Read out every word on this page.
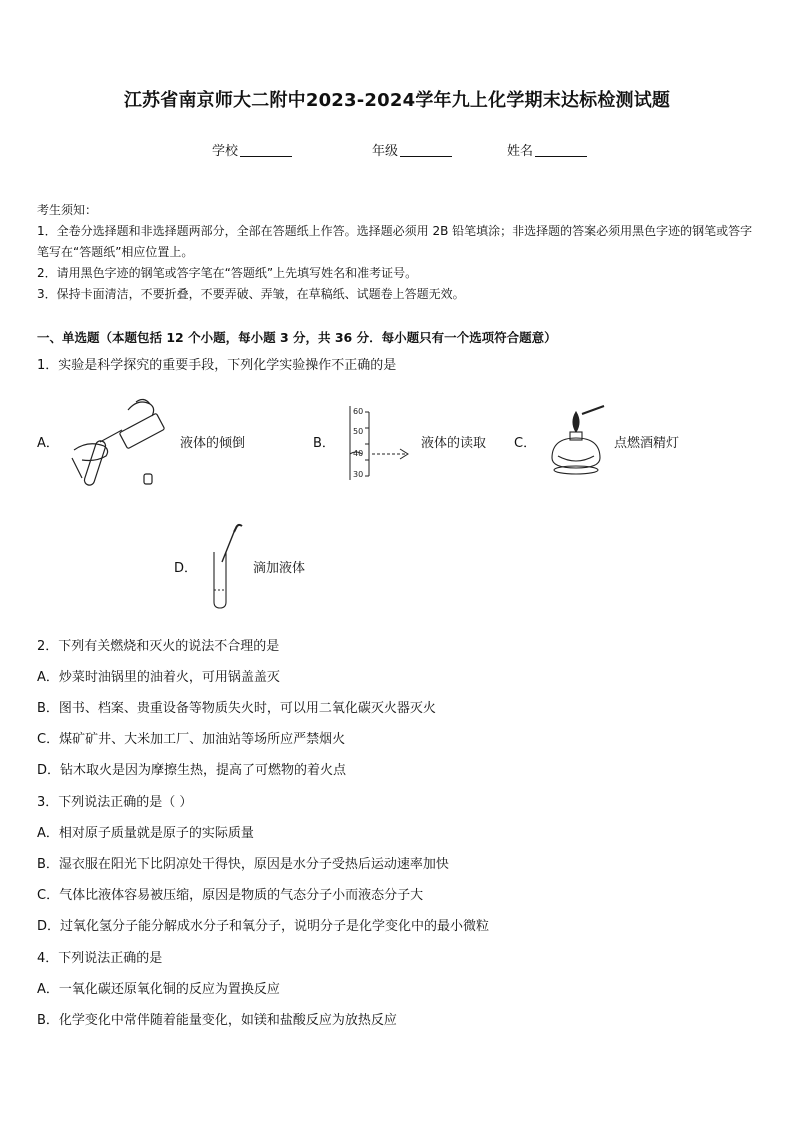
江苏省南京师大二附中2023-2024学年九上化学期末达标检测试题
学校	年级	姓名
考生须知：
1．全卷分选择题和非选择题两部分，全部在答题纸上作答。选择题必须用 2B 铅笔填涂；非选择题的答案必须用黑色字迹的钢笔或答字笔写在“答题纸”相应位置上。
2．请用黑色字迹的钢笔或答字笔在“答题纸”上先填写姓名和准考证号。
3．保持卡面清洁，不要折叠，不要弄破、弄皱，在草稿纸、试题卷上答题无效。
一、单选题（本题包括 12 个小题，每小题 3 分，共 36 分．每小题只有一个选项符合题意）
1．实验是科学探究的重要手段，下列化学实验操作不正确的是
A．	液体的倾倒	B．
60
50
40
30
液体的读取 C．	点燃酒精灯
D．	滴加液体
2．下列有关燃烧和灭火的说法不合理的是
A．炒菜时油锅里的油着火，可用锅盖盖灭
B．图书、档案、贵重设备等物质失火时，可以用二氧化碳灭火器灭火
C．煤矿矿井、大米加工厂、加油站等场所应严禁烟火
D．钻木取火是因为摩擦生热，提高了可燃物的着火点
3．下列说法正确的是（ ）
A．相对原子质量就是原子的实际质量
B．湿衣服在阳光下比阴凉处干得快，原因是水分子受热后运动速率加快
C．气体比液体容易被压缩，原因是物质的气态分子小而液态分子大
D．过氧化氢分子能分解成水分子和氧分子，说明分子是化学变化中的最小微粒
4．下列说法正确的是
A．一氧化碳还原氧化铜的反应为置换反应
B．化学变化中常伴随着能量变化，如镁和盐酸反应为放热反应
